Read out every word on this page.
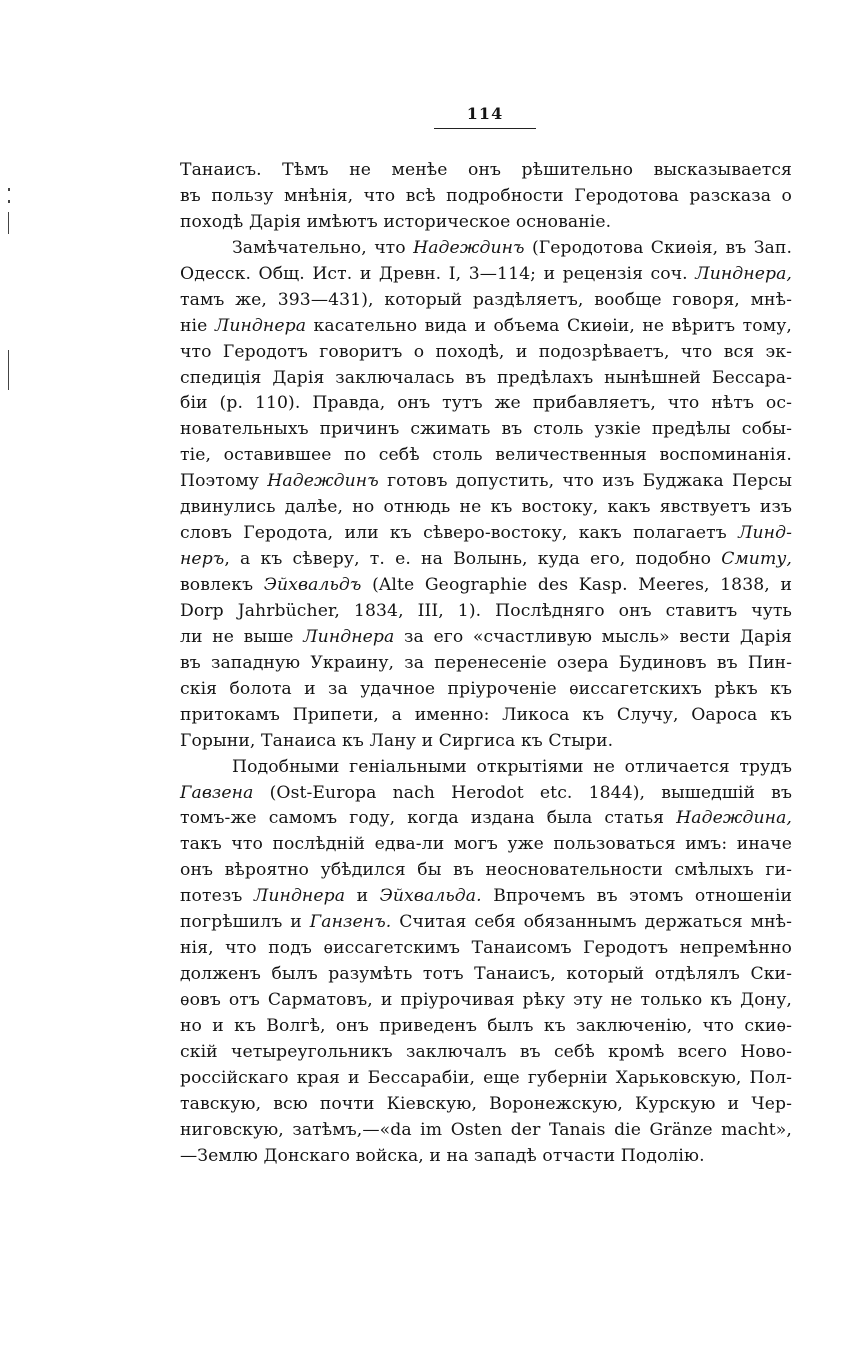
114
Танаисъ. Тѣмъ не менѣе онъ рѣшительно высказывается
въ пользу мнѣнія, что всѣ подробности Геродотова разсказа о
походѣ Дарія имѣютъ историческое основаніе.
Замѣчательно, что Надеждинъ (Геродотова Скиѳія, въ Зап.
Одесск. Общ. Ист. и Древн. I, 3—114; и рецензія соч. Линднера,
тамъ же, 393—431), который раздѣляетъ, вообще говоря, мнѣ-
ніе Линднера касательно вида и объема Скиѳіи, не вѣритъ тому,
что Геродотъ говоритъ о походѣ, и подозрѣваетъ, что вся эк-
спедиція Дарія заключалась въ предѣлахъ нынѣшней Бессара-
біи (p. 110). Правда, онъ тутъ же прибавляетъ, что нѣтъ ос-
новательныхъ причинъ сжимать въ столь узкіе предѣлы собы-
тіе, оставившее по себѣ столь величественныя воспоминанія.
Поэтому Надеждинъ готовъ допустить, что изъ Буджака Персы
двинулись далѣе, но отнюдь не къ востоку, какъ явствуетъ изъ
словъ Геродота, или къ сѣверо-востоку, какъ полагаетъ Линд-
неръ, а къ сѣверу, т. е. на Волынь, куда его, подобно Смиту,
вовлекъ Эйхвальдъ (Alte Geographie des Kasp. Meeres, 1838, и
Dorp Jahrbücher, 1834, III, 1). Послѣдняго онъ ставитъ чуть
ли не выше Линднера за его «счастливую мысль» вести Дарія
въ западную Украину, за перенесеніе озера Будиновъ въ Пин-
скія болота и за удачное пріуроченіе ѳиссагетскихъ рѣкъ къ
притокамъ Припети, а именно: Ликоса къ Случу, Оароса къ
Горыни, Танаиса къ Лану и Сиргиса къ Стыри.
Подобными геніальными открытіями не отличается трудъ
Гавзена (Ost-Europa nach Herodot etc. 1844), вышедшій въ
томъ-же самомъ году, когда издана была статья Надеждина,
такъ что послѣдній едва-ли могъ уже пользоваться имъ: иначе
онъ вѣроятно убѣдился бы въ неосновательности смѣлыхъ ги-
потезъ Линднера и Эйхвальда. Впрочемъ въ этомъ отношеніи
погрѣшилъ и Ганзенъ. Считая себя обязаннымъ держаться мнѣ-
нія, что подъ ѳиссагетскимъ Танаисомъ Геродотъ непремѣнно
долженъ былъ разумѣть тотъ Танаисъ, который отдѣлялъ Ски-
ѳовъ отъ Сарматовъ, и пріурочивая рѣку эту не только къ Дону,
но и къ Волгѣ, онъ приведенъ былъ къ заключенію, что скиѳ-
скій четыреугольникъ заключалъ въ себѣ кромѣ всего Ново-
россійскаго края и Бессарабіи, еще губерніи Харьковскую, Пол-
тавскую, всю почти Кіевскую, Воронежскую, Курскую и Чер-
ниговскую, затѣмъ,—«da im Osten der Tanais die Gränze macht»,
—Землю Донскаго войска, и на западѣ отчасти Подолію.
